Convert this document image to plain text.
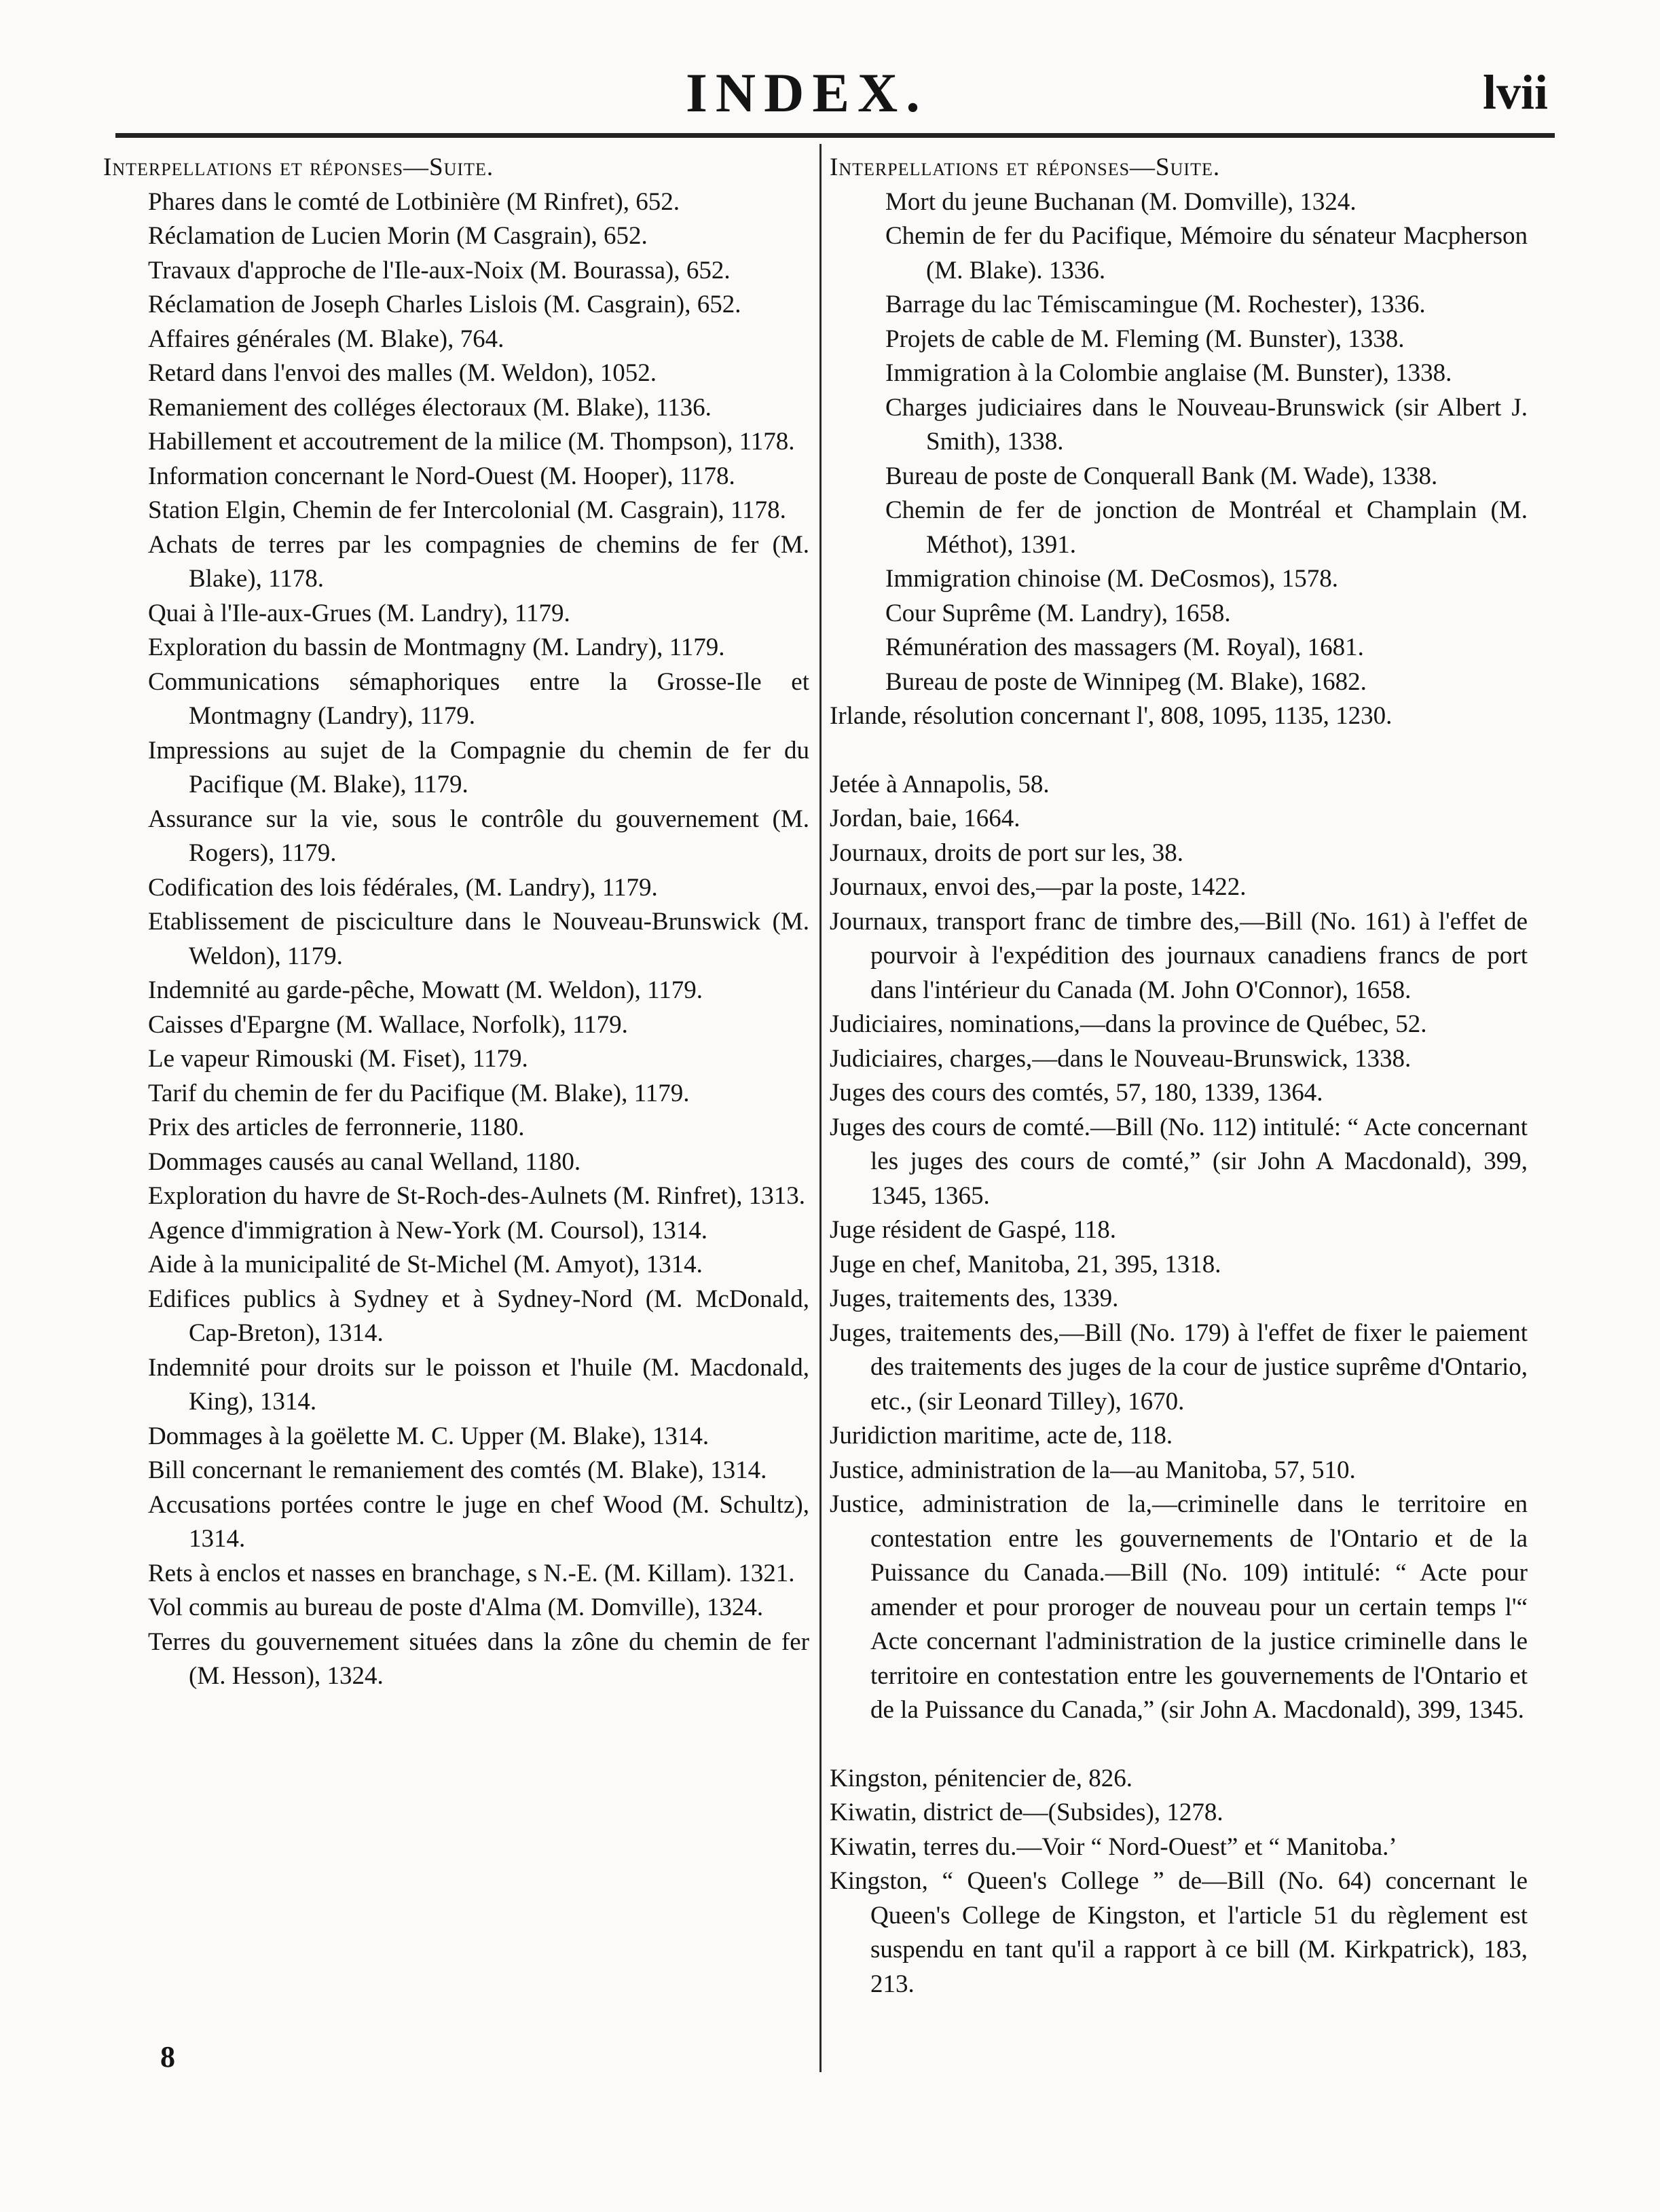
INDEX.	lvii
Interpellations et réponses—Suite.
Phares dans le comté de Lotbinière (M Rinfret), 652.
Réclamation de Lucien Morin (M Casgrain), 652.
Travaux d'approche de l'Ile-aux-Noix (M. Bourassa), 652.
Réclamation de Joseph Charles Lislois (M. Casgrain), 652.
Affaires générales (M. Blake), 764.
Retard dans l'envoi des malles (M. Weldon), 1052.
Remaniement des colléges électoraux (M. Blake), 1136.
Habillement et accoutrement de la milice (M. Thompson), 1178.
Information concernant le Nord-Ouest (M. Hooper), 1178.
Station Elgin, Chemin de fer Intercolonial (M. Casgrain), 1178.
Achats de terres par les compagnies de chemins de fer (M. Blake), 1178.
Quai à l'Ile-aux-Grues (M. Landry), 1179.
Exploration du bassin de Montmagny (M. Landry), 1179.
Communications sémaphoriques entre la Grosse-Ile et Montmagny (Landry), 1179.
Impressions au sujet de la Compagnie du chemin de fer du Pacifique (M. Blake), 1179.
Assurance sur la vie, sous le contrôle du gouvernement (M. Rogers), 1179.
Codification des lois fédérales, (M. Landry), 1179.
Etablissement de pisciculture dans le Nouveau-Brunswick (M. Weldon), 1179.
Indemnité au garde-pêche, Mowatt (M. Weldon), 1179.
Caisses d'Epargne (M. Wallace, Norfolk), 1179.
Le vapeur Rimouski (M. Fiset), 1179.
Tarif du chemin de fer du Pacifique (M. Blake), 1179.
Prix des articles de ferronnerie, 1180.
Dommages causés au canal Welland, 1180.
Exploration du havre de St-Roch-des-Aulnets (M. Rinfret), 1313.
Agence d'immigration à New-York (M. Coursol), 1314.
Aide à la municipalité de St-Michel (M. Amyot), 1314.
Edifices publics à Sydney et à Sydney-Nord (M. McDonald, Cap-Breton), 1314.
Indemnité pour droits sur le poisson et l'huile (M. Macdonald, King), 1314.
Dommages à la goëlette M. C. Upper (M. Blake), 1314.
Bill concernant le remaniement des comtés (M. Blake), 1314.
Accusations portées contre le juge en chef Wood (M. Schultz), 1314.
Rets à enclos et nasses en branchage, s N.-E. (M. Killam). 1321.
Vol commis au bureau de poste d'Alma (M. Domville), 1324.
Terres du gouvernement situées dans la zône du chemin de fer (M. Hesson), 1324.
Interpellations et réponses—Suite.
Mort du jeune Buchanan (M. Domville), 1324.
Chemin de fer du Pacifique, Mémoire du sénateur Macpherson (M. Blake). 1336.
Barrage du lac Témiscamingue (M. Rochester), 1336.
Projets de cable de M. Fleming (M. Bunster), 1338.
Immigration à la Colombie anglaise (M. Bunster), 1338.
Charges judiciaires dans le Nouveau-Brunswick (sir Albert J. Smith), 1338.
Bureau de poste de Conquerall Bank (M. Wade), 1338.
Chemin de fer de jonction de Montréal et Champlain (M. Méthot), 1391.
Immigration chinoise (M. DeCosmos), 1578.
Cour Suprême (M. Landry), 1658.
Rémunération des massagers (M. Royal), 1681.
Bureau de poste de Winnipeg (M. Blake), 1682.
Irlande, résolution concernant l', 808, 1095, 1135, 1230.
Jetée à Annapolis, 58.
Jordan, baie, 1664.
Journaux, droits de port sur les, 38.
Journaux, envoi des,—par la poste, 1422.
Journaux, transport franc de timbre des,—Bill (No. 161) à l'effet de pourvoir à l'expédition des journaux canadiens francs de port dans l'intérieur du Canada (M. John O'Connor), 1658.
Judiciaires, nominations,—dans la province de Québec, 52.
Judiciaires, charges,—dans le Nouveau-Brunswick, 1338.
Juges des cours des comtés, 57, 180, 1339, 1364.
Juges des cours de comté.—Bill (No. 112) intitulé: “ Acte concernant les juges des cours de comté,” (sir John A Macdonald), 399, 1345, 1365.
Juge résident de Gaspé, 118.
Juge en chef, Manitoba, 21, 395, 1318.
Juges, traitements des, 1339.
Juges, traitements des,—Bill (No. 179) à l'effet de fixer le paiement des traitements des juges de la cour de justice suprême d'Ontario, etc., (sir Leonard Tilley), 1670.
Juridiction maritime, acte de, 118.
Justice, administration de la—au Manitoba, 57, 510.
Justice, administration de la,—criminelle dans le territoire en contestation entre les gouvernements de l'Ontario et de la Puissance du Canada.—Bill (No. 109) intitulé: “ Acte pour amender et pour proroger de nouveau pour un certain temps l'“ Acte concernant l'administration de la justice criminelle dans le territoire en contestation entre les gouvernements de l'Ontario et de la Puissance du Canada,” (sir John A. Macdonald), 399, 1345.
Kingston, pénitencier de, 826.
Kiwatin, district de—(Subsides), 1278.
Kiwatin, terres du.—Voir “ Nord-Ouest” et “ Manitoba.’
Kingston, “ Queen's College ” de—Bill (No. 64) concernant le Queen's College de Kingston, et l'article 51 du règlement est suspendu en tant qu'il a rapport à ce bill (M. Kirkpatrick), 183, 213.
8
